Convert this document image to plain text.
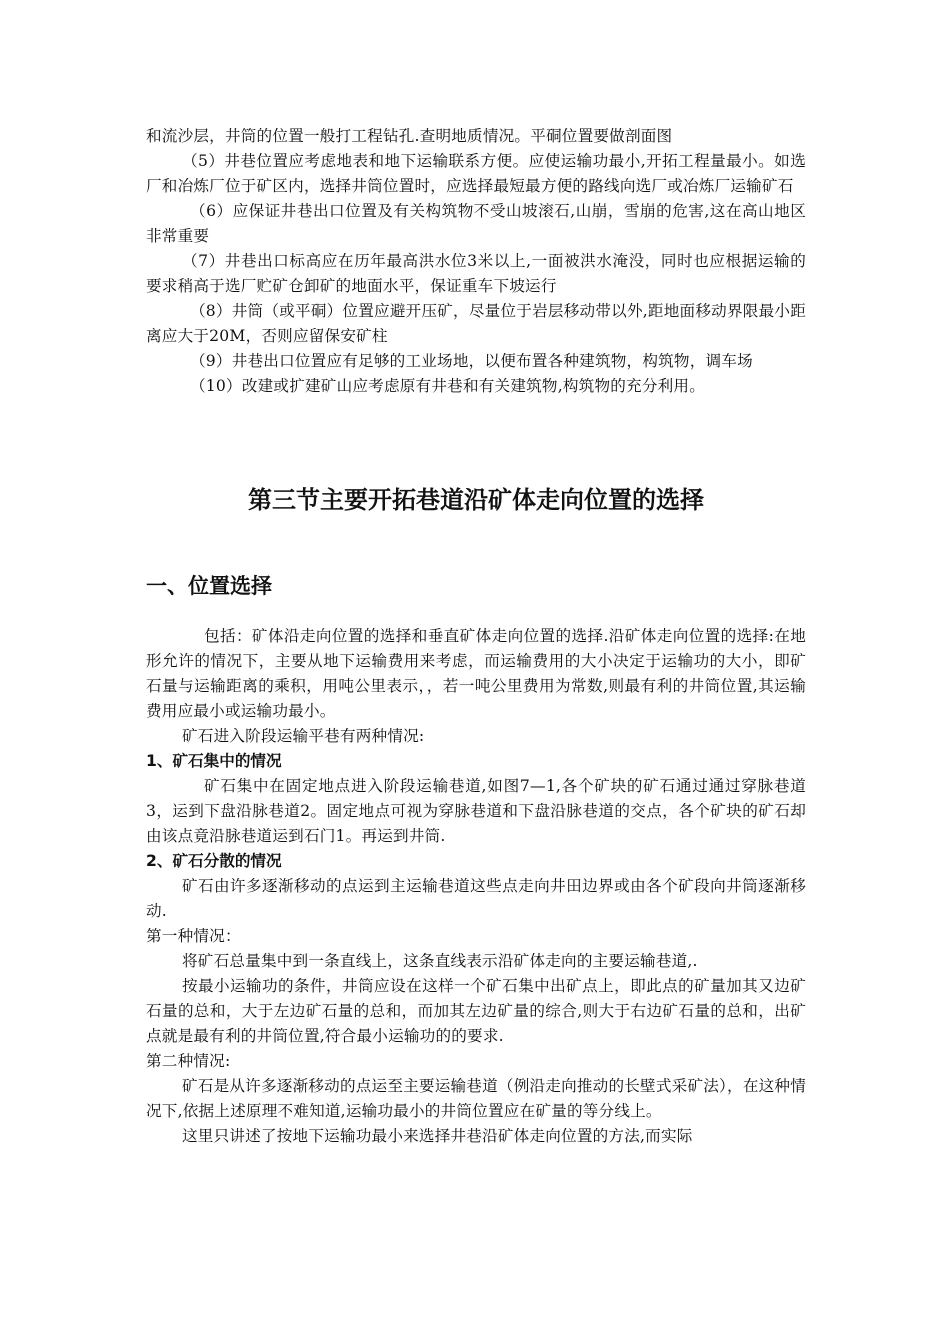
和流沙层，井筒的位置一般打工程钻孔.查明地质情况。平硐位置要做剖面图

（5）井巷位置应考虑地表和地下运输联系方便。应使运输功最小,开拓工程量最小。如选厂和冶炼厂位于矿区内，选择井筒位置时，应选择最短最方便的路线向选厂或冶炼厂运输矿石

（6）应保证井巷出口位置及有关构筑物不受山坡滚石,山崩，雪崩的危害,这在高山地区非常重要

（7）井巷出口标高应在历年最高洪水位3米以上,一面被洪水淹没，同时也应根据运输的要求稍高于选厂贮矿仓卸矿的地面水平，保证重车下坡运行

（8）井筒（或平硐）位置应避开压矿，尽量位于岩层移动带以外,距地面移动界限最小距离应大于20M，否则应留保安矿柱

（9）井巷出口位置应有足够的工业场地，以便布置各种建筑物，构筑物，调车场

（10）改建或扩建矿山应考虑原有井巷和有关建筑物,构筑物的充分利用。

第三节主要开拓巷道沿矿体走向位置的选择
一、位置选择

包括：矿体沿走向位置的选择和垂直矿体走向位置的选择.沿矿体走向位置的选择:在地形允许的情况下，主要从地下运输费用来考虑，而运输费用的大小决定于运输功的大小，即矿石量与运输距离的乘积，用吨公里表示，，若一吨公里费用为常数,则最有利的井筒位置,其运输费用应最小或运输功最小。

矿石进入阶段运输平巷有两种情况:

1、矿石集中的情况

矿石集中在固定地点进入阶段运输巷道,如图7—1,各个矿块的矿石通过通过穿脉巷道3，运到下盘沿脉巷道2。固定地点可视为穿脉巷道和下盘沿脉巷道的交点，各个矿块的矿石却由该点竟沿脉巷道运到石门1。再运到井筒.

2、矿石分散的情况

矿石由许多逐渐移动的点运到主运输巷道这些点走向井田边界或由各个矿段向井筒逐渐移动.

第一种情况：

将矿石总量集中到一条直线上，这条直线表示沿矿体走向的主要运输巷道,.

按最小运输功的条件，井筒应设在这样一个矿石集中出矿点上，即此点的矿量加其又边矿石量的总和，大于左边矿石量的总和，而加其左边矿量的综合,则大于右边矿石量的总和，出矿点就是最有利的井筒位置,符合最小运输功的的要求.

第二种情况:

矿石是从许多逐渐移动的点运至主要运输巷道（例沿走向推动的长壁式采矿法），在这种情况下,依据上述原理不难知道,运输功最小的井筒位置应在矿量的等分线上。

这里只讲述了按地下运输功最小来选择井巷沿矿体走向位置的方法,而实际
